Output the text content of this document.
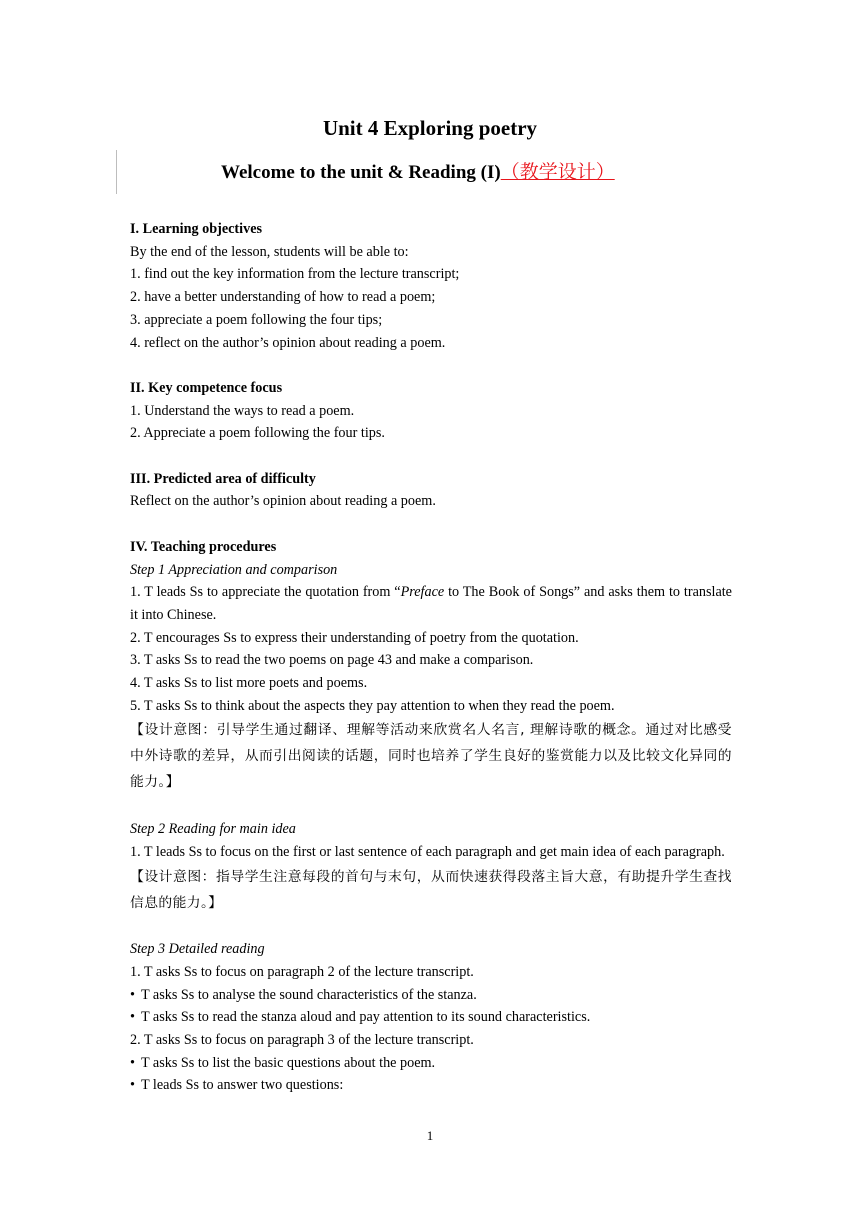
Unit 4 Exploring poetry
Welcome to the unit & Reading (I)（教学设计）

I. Learning objectives

By the end of the lesson, students will be able to:

1. find out the key information from the lecture transcript;

2. have a better understanding of how to read a poem;

3. appreciate a poem following the four tips;

4. reflect on the author’s opinion about reading a poem.

II. Key competence focus

1. Understand the ways to read a poem.

2. Appreciate a poem following the four tips.

III. Predicted area of difficulty

Reflect on the author’s opinion about reading a poem.

IV. Teaching procedures

Step 1 Appreciation and comparison

1. T leads Ss to appreciate the quotation from “Preface to The Book of Songs” and asks them to translate it into Chinese.

2. T encourages Ss to express their understanding of poetry from the quotation.

3. T asks Ss to read the two poems on page 43 and make a comparison.

4. T asks Ss to list more poets and poems.

5. T asks Ss to think about the aspects they pay attention to when they read the poem.

【设计意图：引导学生通过翻译、理解等活动来欣赏名人名言, 理解诗歌的概念。通过对比感受中外诗歌的差异，从而引出阅读的话题，同时也培养了学生良好的鉴赏能力以及比较文化异同的能力。】

Step 2 Reading for main idea

1. T leads Ss to focus on the first or last sentence of each paragraph and get main idea of each paragraph.

【设计意图：指导学生注意每段的首句与末句，从而快速获得段落主旨大意，有助提升学生查找信息的能力。】

Step 3 Detailed reading

1. T asks Ss to focus on paragraph 2 of the lecture transcript.

• T asks Ss to analyse the sound characteristics of the stanza.

• T asks Ss to read the stanza aloud and pay attention to its sound characteristics.

2. T asks Ss to focus on paragraph 3 of the lecture transcript.

• T asks Ss to list the basic questions about the poem.

• T leads Ss to answer two questions:

1
